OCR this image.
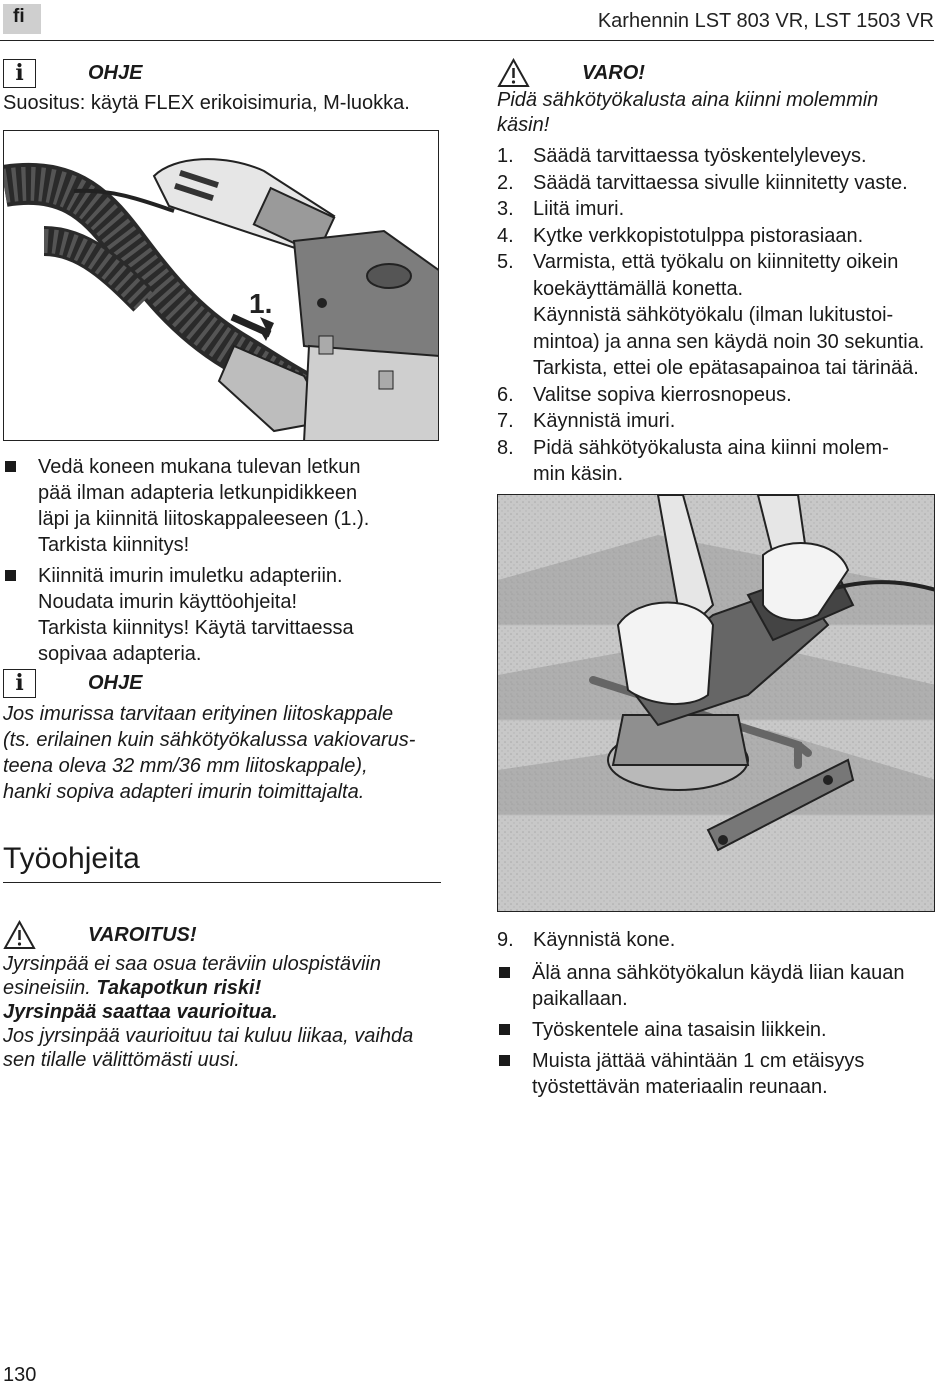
fi	Karhennin LST 803 VR, LST 1503 VR
i	OHJE
Suositus: käytä FLEX erikoisimuria, M-luokka.
1.
Vedä koneen mukana tulevan letkun
pää ilman adapteria letkunpidikkeen
läpi ja kiinnitä liitoskappaleeseen (1.).
Tarkista kiinnitys!
Kiinnitä imurin imuletku adapteriin.
Noudata imurin käyttöohjeita!
Tarkista kiinnitys! Käytä tarvittaessa
sopivaa adapteria.
i	OHJE
Jos imurissa tarvitaan erityinen liitoskappale
(ts. erilainen kuin sähkötyökalussa vakiovarus-
teena oleva 32 mm/36 mm liitoskappale),
hanki sopiva adapteri imurin toimittajalta.
Työohjeita
VAROITUS!
Jyrsinpää ei saa osua teräviin ulospistäviin
esineisiin. Takapotkun riski!
Jyrsinpää saattaa vaurioitua.
Jos jyrsinpää vaurioituu tai kuluu liikaa, vaihda
sen tilalle välittömästi uusi.
VARO!
Pidä sähkötyökalusta aina kiinni molemmin
käsin!
1. Säädä tarvittaessa työskentelyleveys.
2. Säädä tarvittaessa sivulle kiinnitetty vaste.
3. Liitä imuri.
4. Kytke verkkopistotulppa pistorasiaan.
5. Varmista, että työkalu on kiinnitetty oikein
koekäyttämällä konetta.
Käynnistä sähkötyökalu (ilman lukitustoi-
mintoa) ja anna sen käydä noin 30 sekuntia.
Tarkista, ettei ole epätasapainoa tai tärinää.
6. Valitse sopiva kierrosnopeus.
7. Käynnistä imuri.
8. Pidä sähkötyökalusta aina kiinni molem-
min käsin.
9. Käynnistä kone.
Älä anna sähkötyökalun käydä liian kauan
paikallaan.
Työskentele aina tasaisin liikkein.
Muista jättää vähintään 1 cm etäisyys
työstettävän materiaalin reunaan.
130
